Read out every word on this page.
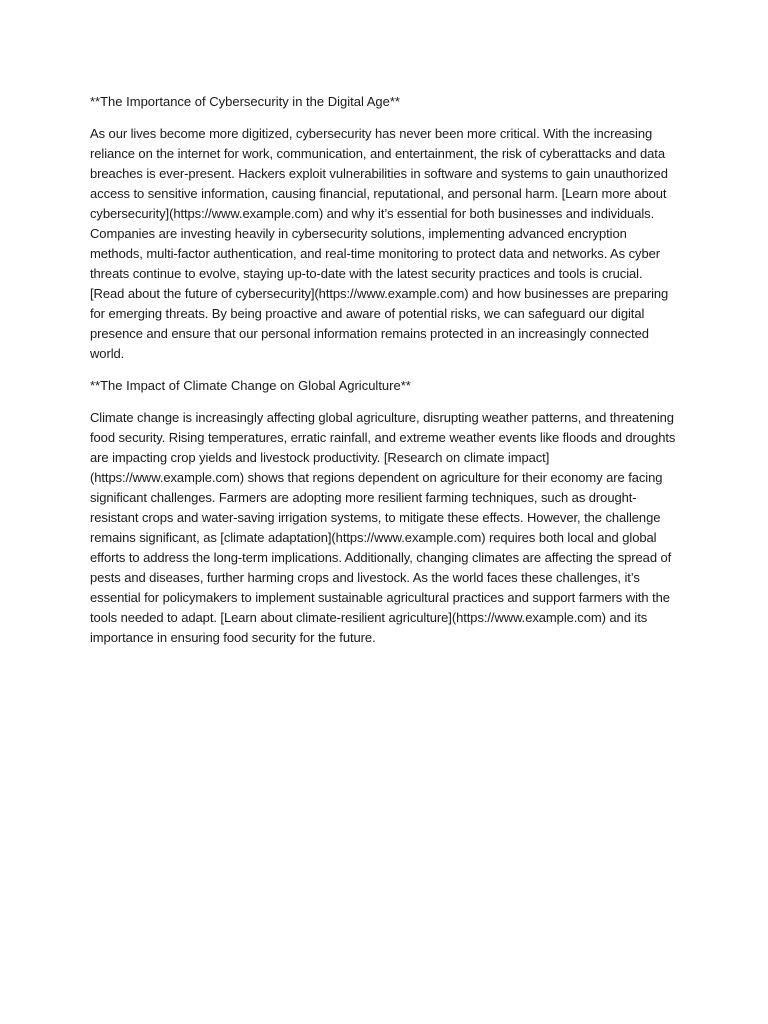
**The Importance of Cybersecurity in the Digital Age**

As our lives become more digitized, cybersecurity has never been more critical. With the increasing reliance on the internet for work, communication, and entertainment, the risk of cyberattacks and data breaches is ever-present. Hackers exploit vulnerabilities in software and systems to gain unauthorized access to sensitive information, causing financial, reputational, and personal harm. [Learn more about cybersecurity](https://www.example.com) and why it’s essential for both businesses and individuals. Companies are investing heavily in cybersecurity solutions, implementing advanced encryption methods, multi-factor authentication, and real-time monitoring to protect data and networks. As cyber threats continue to evolve, staying up-to-date with the latest security practices and tools is crucial. [Read about the future of cybersecurity](https://www.example.com) and how businesses are preparing for emerging threats. By being proactive and aware of potential risks, we can safeguard our digital presence and ensure that our personal information remains protected in an increasingly connected world.

**The Impact of Climate Change on Global Agriculture**

Climate change is increasingly affecting global agriculture, disrupting weather patterns, and threatening food security. Rising temperatures, erratic rainfall, and extreme weather events like floods and droughts are impacting crop yields and livestock productivity. [Research on climate impact](https://www.example.com) shows that regions dependent on agriculture for their economy are facing significant challenges. Farmers are adopting more resilient farming techniques, such as drought-resistant crops and water-saving irrigation systems, to mitigate these effects. However, the challenge remains significant, as [climate adaptation](https://www.example.com) requires both local and global efforts to address the long-term implications. Additionally, changing climates are affecting the spread of pests and diseases, further harming crops and livestock. As the world faces these challenges, it’s essential for policymakers to implement sustainable agricultural practices and support farmers with the tools needed to adapt. [Learn about climate-resilient agriculture](https://www.example.com) and its importance in ensuring food security for the future.
